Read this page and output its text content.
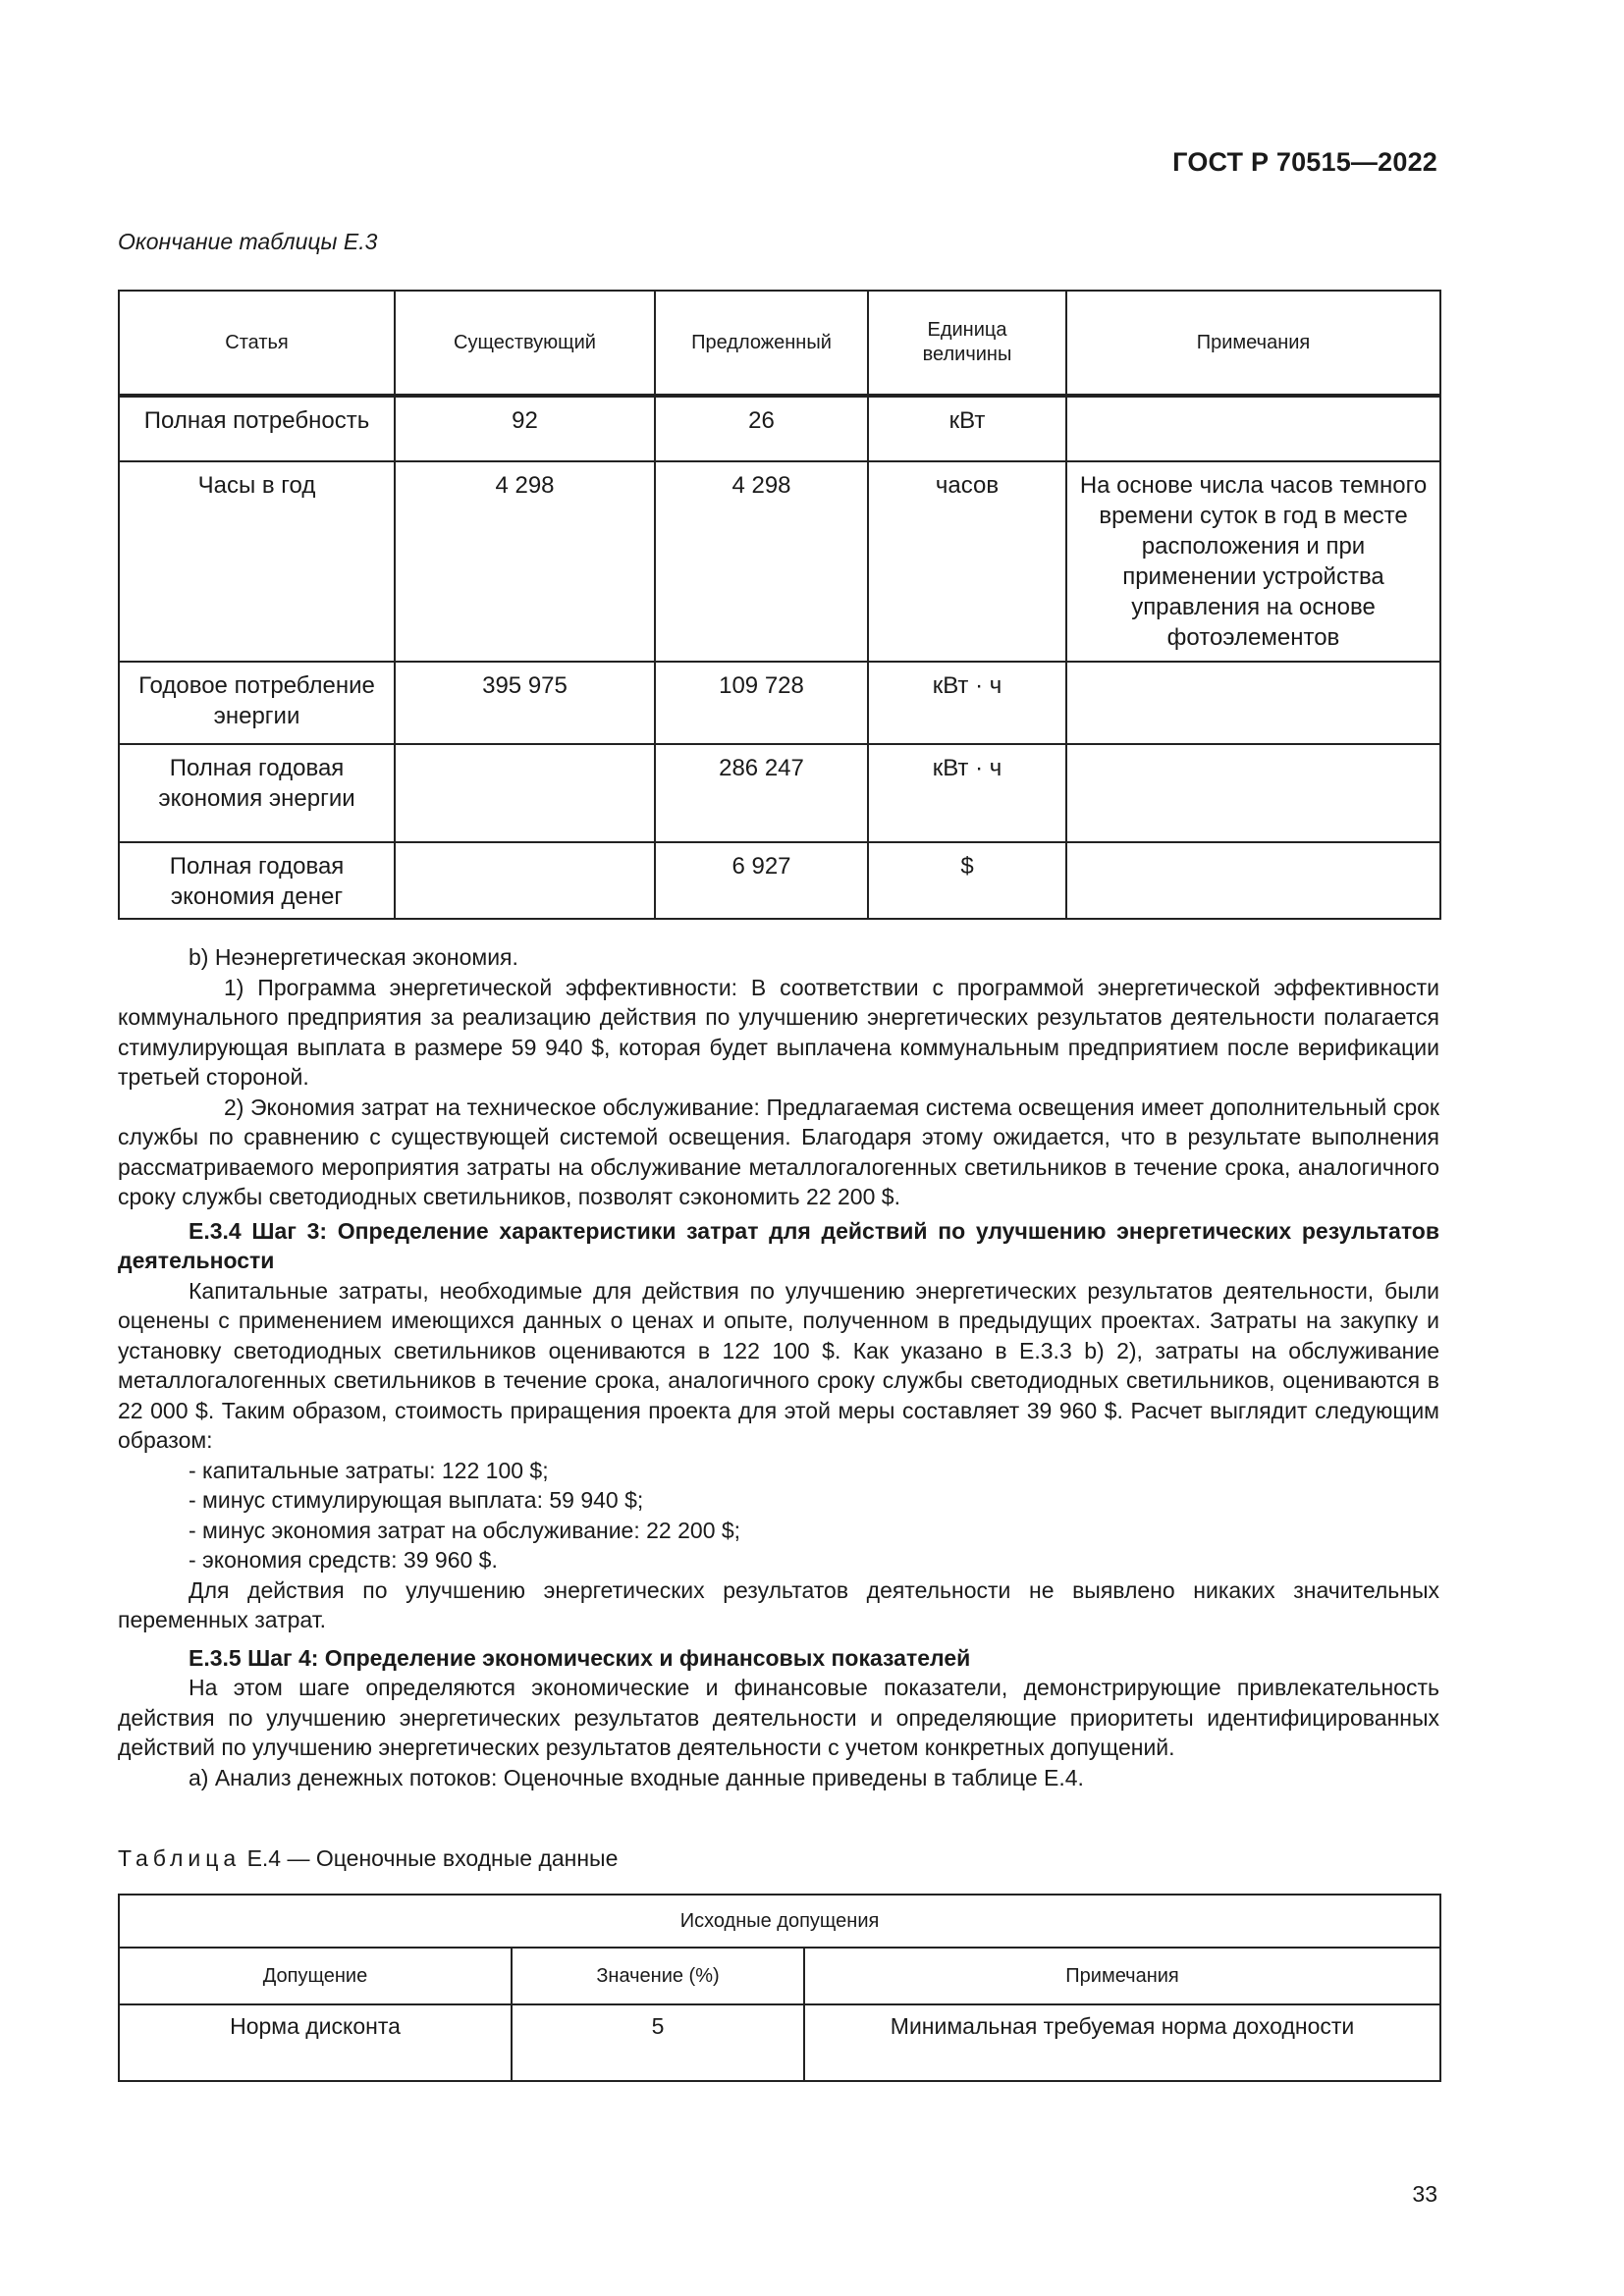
ГОСТ Р 70515—2022
Окончание таблицы Е.3
Статья	Существующий	Предложенный	Единица величины	Примечания
Полная потребность	92	26	кВт	
Часы в год	4 298	4 298	часов	На основе числа часов темного времени суток в год в месте расположения и при применении устройства управления на основе фотоэлементов
Годовое потребление энергии	395 975	109 728	кВт · ч	
Полная годовая экономия энергии		286 247	кВт · ч	
Полная годовая экономия денег		6 927	$	

b) Неэнергетическая экономия.

1) Программа энергетической эффективности: В соответствии с программой энергетической эффективности коммунального предприятия за реализацию действия по улучшению энергетических результатов деятельности полагается стимулирующая выплата в размере 59 940 $, которая будет выплачена коммунальным предприятием после верификации третьей стороной.

2) Экономия затрат на техническое обслуживание: Предлагаемая система освещения имеет дополнительный срок службы по сравнению с существующей системой освещения. Благодаря этому ожидается, что в результате выполнения рассматриваемого мероприятия затраты на обслуживание металлогалогенных светильников в течение срока, аналогичного сроку службы светодиодных светильников, позволят сэкономить 22 200 $.

Е.3.4 Шаг 3: Определение характеристики затрат для действий по улучшению энергетических результатов деятельности

Капитальные затраты, необходимые для действия по улучшению энергетических результатов деятельности, были оценены с применением имеющихся данных о ценах и опыте, полученном в предыдущих проектах. Затраты на закупку и установку светодиодных светильников оцениваются в 122 100 $. Как указано в Е.3.3 b) 2), затраты на обслуживание металлогалогенных светильников в течение срока, аналогичного сроку службы светодиодных светильников, оцениваются в 22 000 $. Таким образом, стоимость приращения проекта для этой меры составляет 39 960 $. Расчет выглядит следующим образом:

- капитальные затраты: 122 100 $;

- минус стимулирующая выплата: 59 940 $;

- минус экономия затрат на обслуживание: 22 200 $;

- экономия средств: 39 960 $.

Для действия по улучшению энергетических результатов деятельности не выявлено никаких значительных переменных затрат.

Е.3.5 Шаг 4: Определение экономических и финансовых показателей

На этом шаге определяются экономические и финансовые показатели, демонстрирующие привлекательность действия по улучшению энергетических результатов деятельности и определяющие приоритеты идентифицированных действий по улучшению энергетических результатов деятельности с учетом конкретных допущений.

а) Анализ денежных потоков: Оценочные входные данные приведены в таблице Е.4.

Таблица Е.4 — Оценочные входные данные
Исходные допущения		
Допущение	Значение (%)	Примечания
Норма дисконта	5	Минимальная требуемая норма доходности
33
